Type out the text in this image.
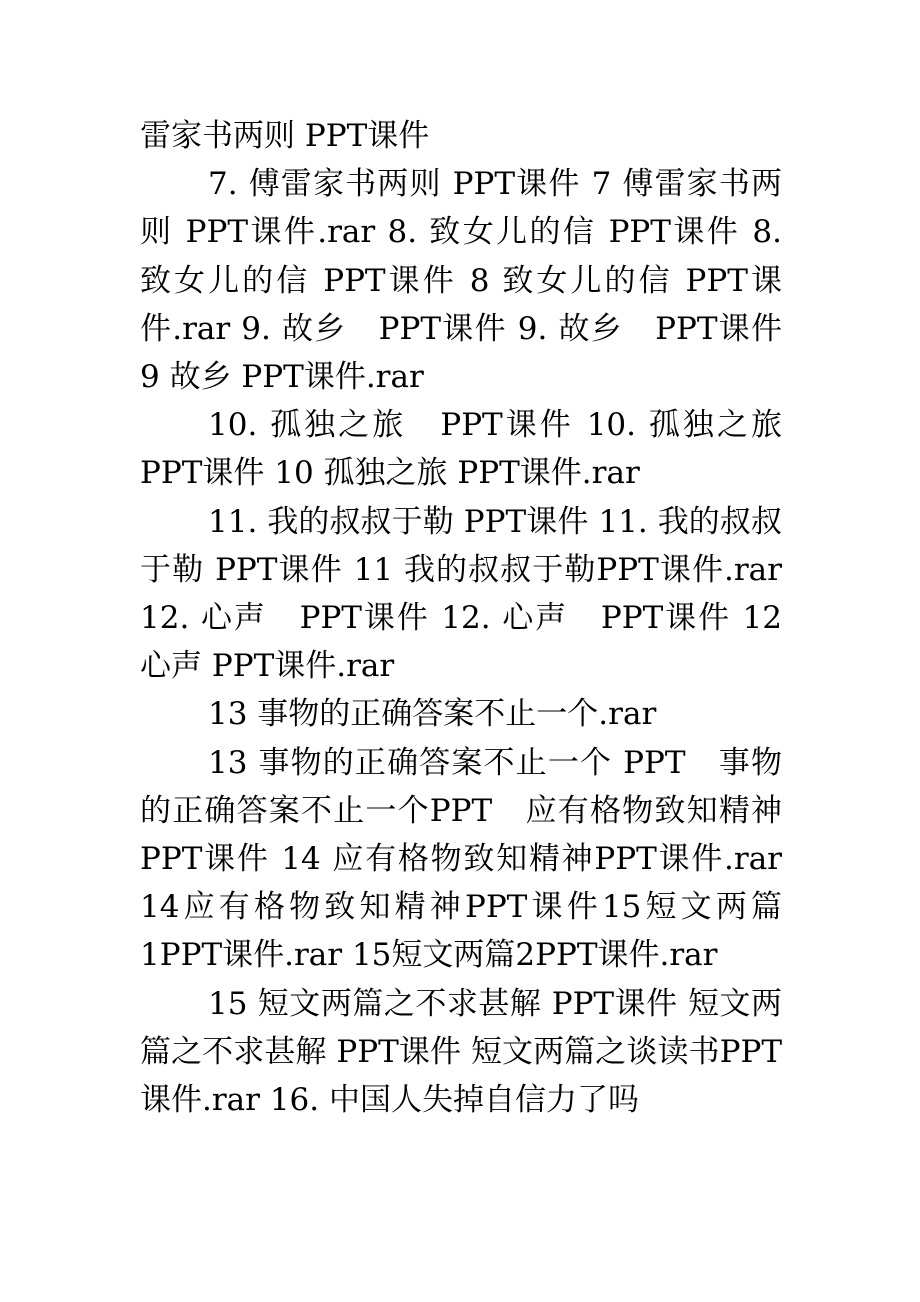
雷家书两则 PPT课件

7. 傅雷家书两则 PPT课件 7 傅雷家书两则 PPT课件.rar 8. 致女儿的信 PPT课件 8. 致女儿的信 PPT课件 8 致女儿的信 PPT课件.rar 9. 故乡　PPT课件 9. 故乡　PPT课件 9 故乡 PPT课件.rar

10. 孤独之旅　PPT课件 10. 孤独之旅 PPT课件 10 孤独之旅 PPT课件.rar

11. 我的叔叔于勒 PPT课件 11. 我的叔叔于勒 PPT课件 11 我的叔叔于勒PPT课件.rar 12. 心声　PPT课件 12. 心声　PPT课件 12 心声 PPT课件.rar

13 事物的正确答案不止一个.rar

13 事物的正确答案不止一个 PPT　事物的正确答案不止一个PPT　应有格物致知精神 PPT课件 14 应有格物致知精神PPT课件.rar 14应有格物致知精神PPT课件15短文两篇1PPT课件.rar 15短文两篇2PPT课件.rar

15 短文两篇之不求甚解 PPT课件 短文两篇之不求甚解 PPT课件 短文两篇之谈读书PPT课件.rar 16. 中国人失掉自信力了吗
